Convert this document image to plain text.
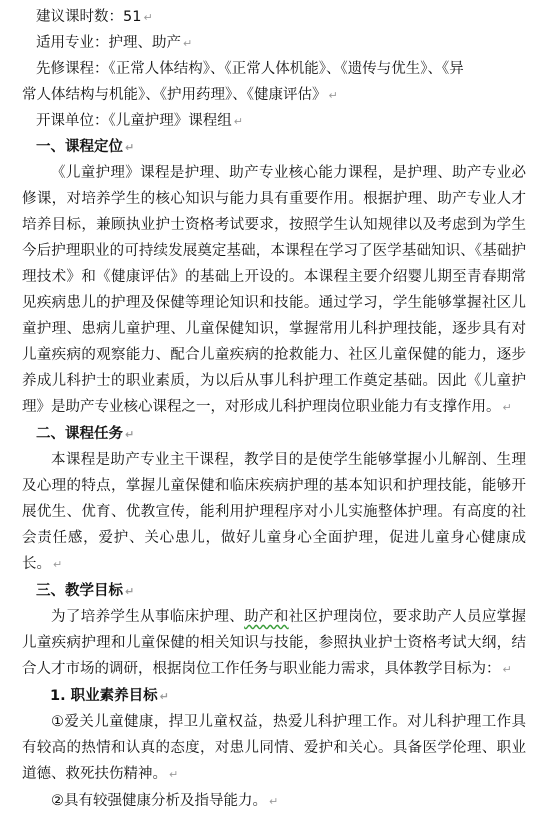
建议课时数：51 ↵
适用专业：护理、助产 ↵
先修课程：《正常人体结构》、《正常人体机能》、《遗传与优生》、《异
常人体结构与机能》、《护用药理》、《健康评估》 ↵
开课单位：《儿童护理》课程组 ↵
一、课程定位 ↵

《儿童护理》课程是护理、助产专业核心能力课程，是护理、助产专业必修课，对培养学生的核心知识与能力具有重要作用。根据护理、助产专业人才培养目标，兼顾执业护士资格考试要求，按照学生认知规律以及考虑到为学生今后护理职业的可持续发展奠定基础，本课程在学习了医学基础知识、《基础护理技术》和《健康评估》的基础上开设的。本课程主要介绍婴儿期至青春期常见疾病患儿的护理及保健等理论知识和技能。通过学习，学生能够掌握社区儿童护理、患病儿童护理、儿童保健知识，掌握常用儿科护理技能，逐步具有对儿童疾病的观察能力、配合儿童疾病的抢救能力、社区儿童保健的能力，逐步养成儿科护士的职业素质，为以后从事儿科护理工作奠定基础。因此《儿童护理》是助产专业核心课程之一，对形成儿科护理岗位职业能力有支撑作用。 ↵

二、课程任务 ↵

本课程是助产专业主干课程，教学目的是使学生能够掌握小儿解剖、生理及心理的特点，掌握儿童保健和临床疾病护理的基本知识和护理技能，能够开展优生、优育、优教宣传，能利用护理程序对小儿实施整体护理。有高度的社会责任感，爱护、关心患儿，做好儿童身心全面护理，促进儿童身心健康成长。 ↵

三、教学目标 ↵

为了培养学生从事临床护理、助产和社区护理岗位，要求助产人员应掌握儿童疾病护理和儿童保健的相关知识与技能，参照执业护士资格考试大纲，结合人才市场的调研，根据岗位工作任务与职业能力需求，具体教学目标为： ↵

1. 职业素养目标 ↵

①爱关儿童健康，捍卫儿童权益，热爱儿科护理工作。对儿科护理工作具有较高的热情和认真的态度，对患儿同情、爱护和关心。具备医学伦理、职业道德、救死扶伤精神。 ↵

②具有较强健康分析及指导能力。 ↵
